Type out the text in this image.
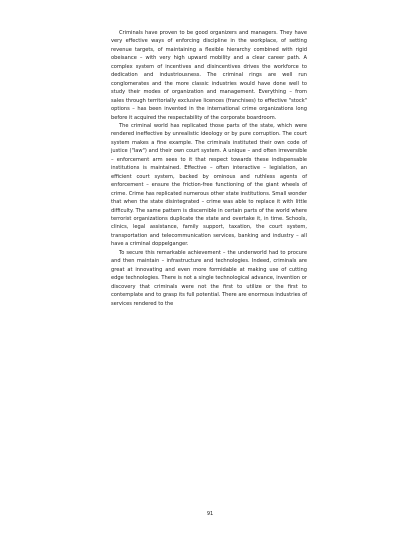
Criminals have proven to be good organizers and managers. They have very effective ways of enforcing discipline in the workplace, of setting revenue targets, of maintaining a flexible hierarchy combined with rigid obeisance – with very high upward mobility and a clear career path. A complex system of incentives and disincentives drives the workforce to dedication and industriousness. The criminal rings are well run conglomerates and the more classic industries would have done well to study their modes of organization and management. Everything – from sales through territorially exclusive licences (franchises) to effective "stock" options – has been invented in the international crime organizations long before it acquired the respectability of the corporate boardroom.

The criminal world has replicated those parts of the state, which were rendered ineffective by unrealistic ideology or by pure corruption. The court system makes a fine example. The criminals instituted their own code of justice ("law") and their own court system. A unique – and often irreversible – enforcement arm sees to it that respect towards these indispensable institutions is maintained. Effective – often interactive – legislation, an efficient court system, backed by ominous and ruthless agents of enforcement – ensure the friction-free functioning of the giant wheels of crime. Crime has replicated numerous other state institutions. Small wonder that when the state disintegrated – crime was able to replace it with little difficulty. The same pattern is discernible in certain parts of the world where terrorist organizations duplicate the state and overtake it, in time. Schools, clinics, legal assistance, family support, taxation, the court system, transportation and telecommunication services, banking and industry – all have a criminal doppelganger.

To secure this remarkable achievement – the underworld had to procure and then maintain – infrastructure and technologies. Indeed, criminals are great at innovating and even more formidable at making use of cutting edge technologies. There is not a single technological advance, invention or discovery that criminals were not the first to utilize or the first to contemplate and to grasp its full potential. There are enormous industries of services rendered to the

91
